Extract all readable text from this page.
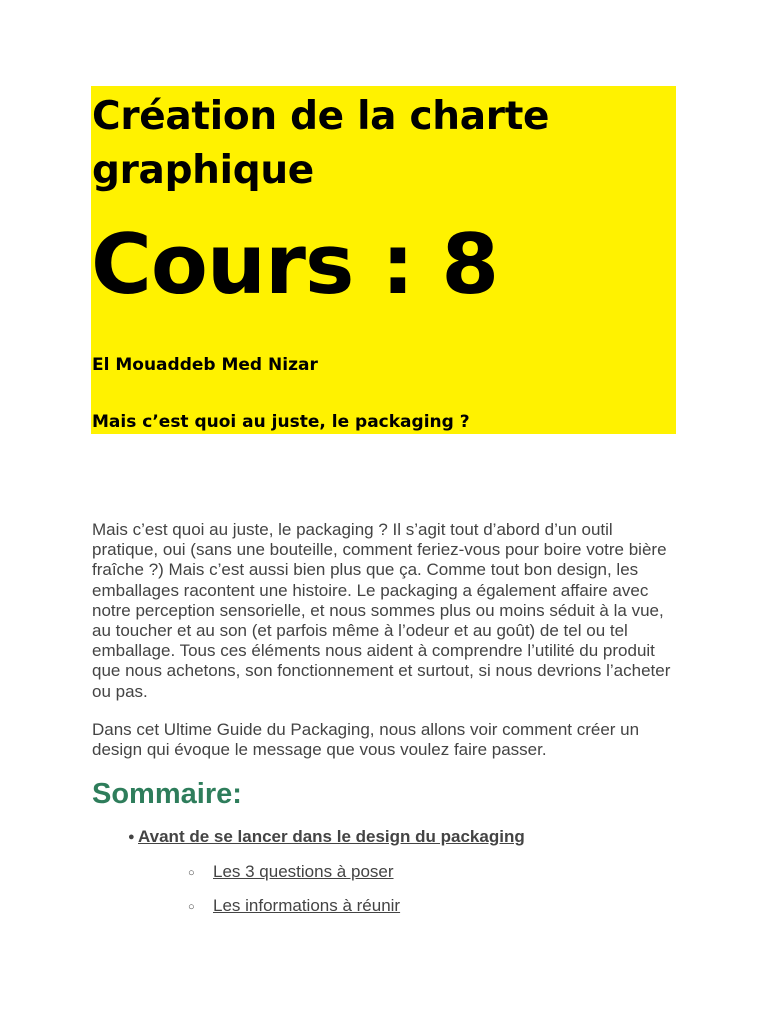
Création de la charte graphique
Cours : 8
El Mouaddeb Med Nizar
Mais c’est quoi au juste, le packaging ?

Mais c’est quoi au juste, le packaging ? Il s’agit tout d’abord d’un outil pratique, oui (sans une bouteille, comment feriez-vous pour boire votre bière fraîche ?) Mais c’est aussi bien plus que ça. Comme tout bon design, les emballages racontent une histoire. Le packaging a également affaire avec notre perception sensorielle, et nous sommes plus ou moins séduit à la vue, au toucher et au son (et parfois même à l’odeur et au goût) de tel ou tel emballage. Tous ces éléments nous aident à comprendre l’utilité du produit que nous achetons, son fonctionnement et surtout, si nous devrions l’acheter ou pas.

Dans cet Ultime Guide du Packaging, nous allons voir comment créer un design qui évoque le message que vous voulez faire passer.

Sommaire:
● Avant de se lancer dans le design du packaging
○ Les 3 questions à poser
○ Les informations à réunir
